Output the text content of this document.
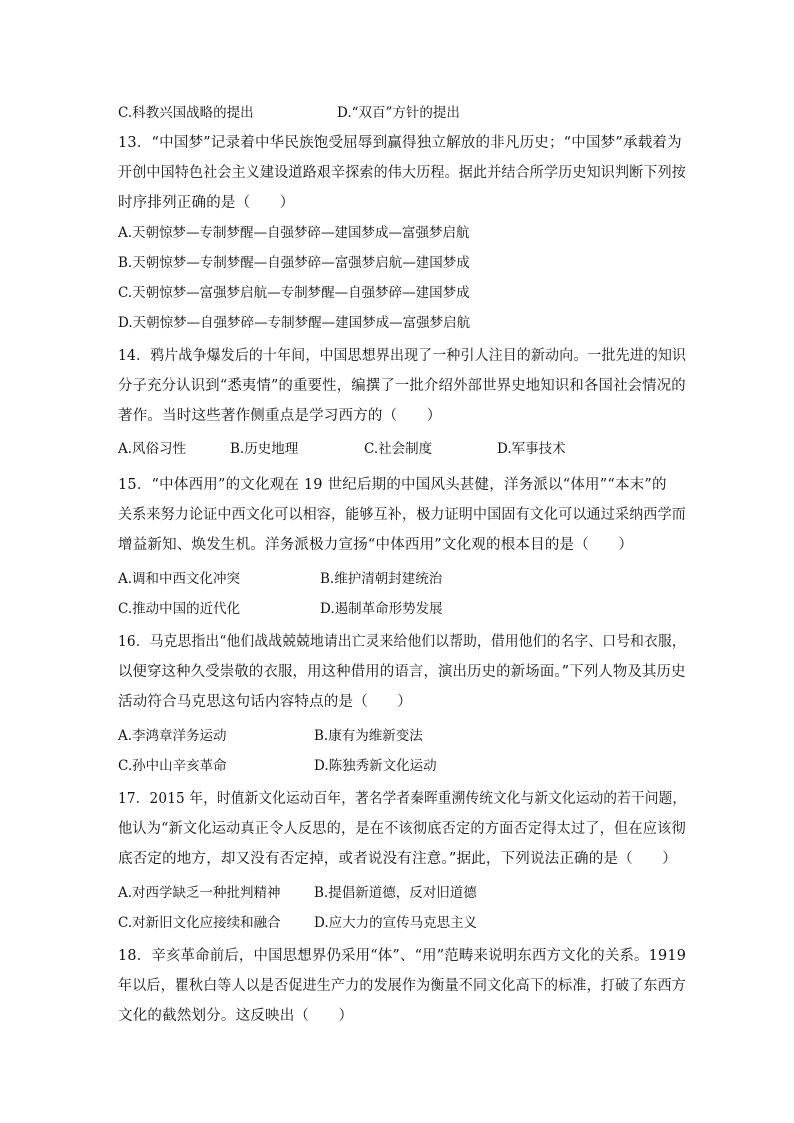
C.科教兴国战略的提出	D.“双百”方针的提出
13．“中国梦”记录着中华民族饱受屈辱到赢得独立解放的非凡历史；“中国梦”承载着为
开创中国特色社会主义建设道路艰辛探索的伟大历程。据此并结合所学历史知识判断下列按
时序排列正确的是（　　）
A.天朝惊梦—专制梦醒—自强梦碎—建国梦成—富强梦启航
B.天朝惊梦—专制梦醒—自强梦碎—富强梦启航—建国梦成
C.天朝惊梦—富强梦启航—专制梦醒—自强梦碎—建国梦成
D.天朝惊梦—自强梦碎—专制梦醒—建国梦成—富强梦启航
14．鸦片战争爆发后的十年间，中国思想界出现了一种引人注目的新动向。一批先进的知识
分子充分认识到“悉夷情”的重要性，编撰了一批介绍外部世界史地知识和各国社会情况的
著作。当时这些著作侧重点是学习西方的（　　）
A.风俗习性	B.历史地理	C.社会制度	D.军事技术
15．“中体西用”的文化观在 19 世纪后期的中国风头甚健，洋务派以“体用”“本末”的
关系来努力论证中西文化可以相容，能够互补，极力证明中国固有文化可以通过采纳西学而
增益新知、焕发生机。洋务派极力宣扬“中体西用”文化观的根本目的是（　　）
A.调和中西文化冲突	B.维护清朝封建统治
C.推动中国的近代化	D.遏制革命形势发展
16．马克思指出“他们战战兢兢地请出亡灵来给他们以帮助，借用他们的名字、口号和衣服，
以便穿这种久受崇敬的衣服，用这种借用的语言，演出历史的新场面。”下列人物及其历史
活动符合马克思这句话内容特点的是（　　）
A.李鸿章洋务运动	B.康有为维新变法
C.孙中山辛亥革命	D.陈独秀新文化运动
17．2015 年，时值新文化运动百年，著名学者秦晖重溯传统文化与新文化运动的若干问题，
他认为“新文化运动真正令人反思的，是在不该彻底否定的方面否定得太过了，但在应该彻
底否定的地方，却又没有否定掉，或者说没有注意。”据此，下列说法正确的是（　　）
A.对西学缺乏一种批判精神 B.提倡新道德，反对旧道德
C.对新旧文化应接续和融合 D.应大力的宣传马克思主义
18．辛亥革命前后，中国思想界仍采用“体”、“用”范畴来说明东西方文化的关系。1919
年以后，瞿秋白等人以是否促进生产力的发展作为衡量不同文化高下的标准，打破了东西方
文化的截然划分。这反映出（　　）
